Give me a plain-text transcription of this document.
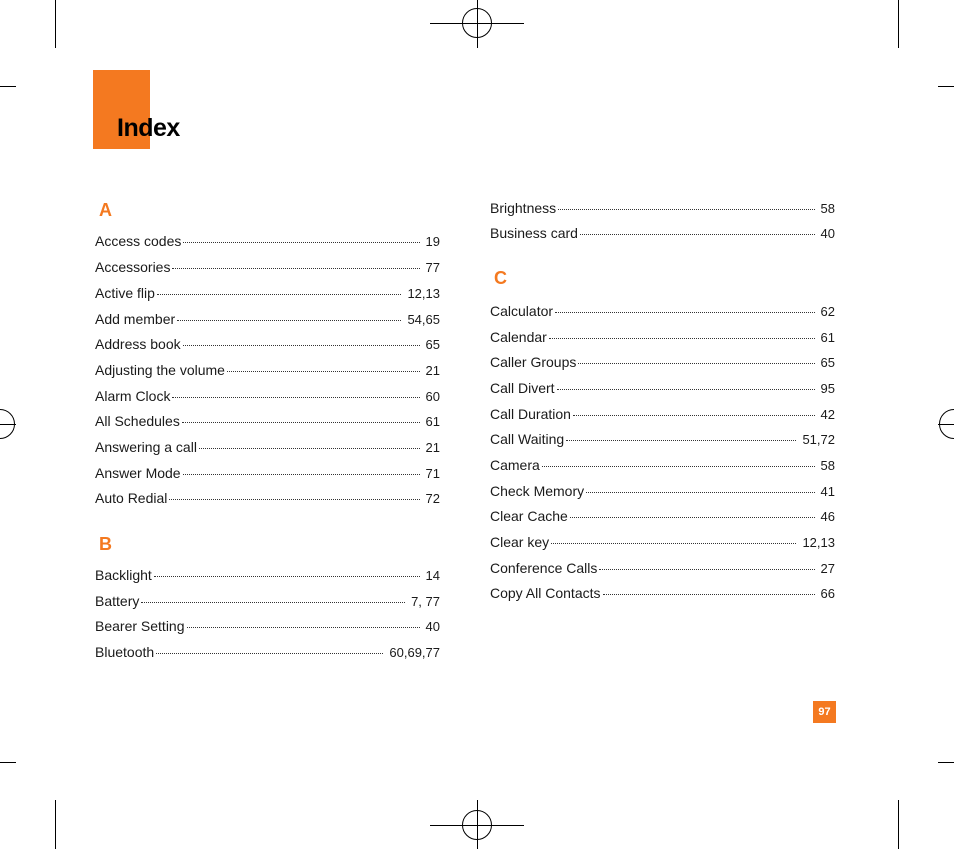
Index
A
Access codes	19
Accessories	77
Active flip	12,13
Add member	54,65
Address book	65
Adjusting the volume	21
Alarm Clock	60
All Schedules	61
Answering a call	21
Answer Mode	71
Auto Redial	72
B
Backlight	14
Battery	7, 77
Bearer Setting	40
Bluetooth	60,69,77
Brightness	58
Business card	40
C
Calculator	62
Calendar	61
Caller Groups	65
Call Divert	95
Call Duration	42
Call Waiting	51,72
Camera	58
Check Memory	41
Clear Cache	46
Clear key	12,13
Conference Calls	27
Copy All Contacts	66
97
